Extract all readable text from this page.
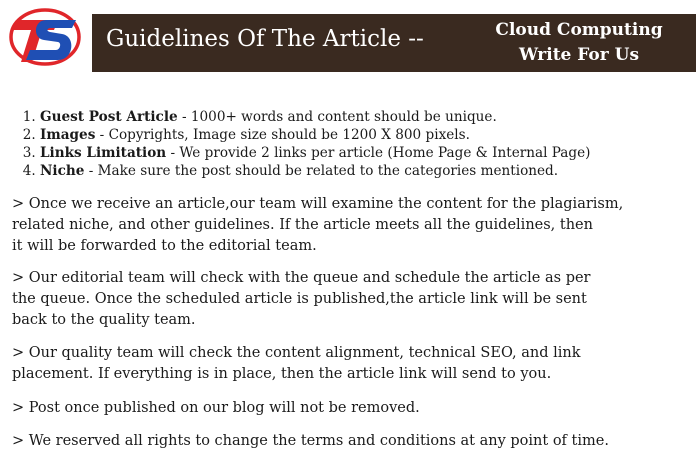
Guidelines Of The Article --	Cloud Computing
Write For Us
1. Guest Post Article - 1000+ words and content should be unique.
2. Images - Copyrights, Image size should be 1200 X 800 pixels.
3. Links Limitation - We provide 2 links per article (Home Page & Internal Page)
4. Niche - Make sure the post should be related to the categories mentioned.

> Once we receive an article,our team will examine the content for the plagiarism,
related niche, and other guidelines. If the article meets all the guidelines, then
it will be forwarded to the editorial team.

> Our editorial team will check with the queue and schedule the article as per
the queue. Once the scheduled article is published,the article link will be sent
back to the quality team.

> Our quality team will check the content alignment, technical SEO, and link
placement. If everything is in place, then the article link will send to you.

> Post once published on our blog will not be removed.

> We reserved all rights to change the terms and conditions at any point of time.
